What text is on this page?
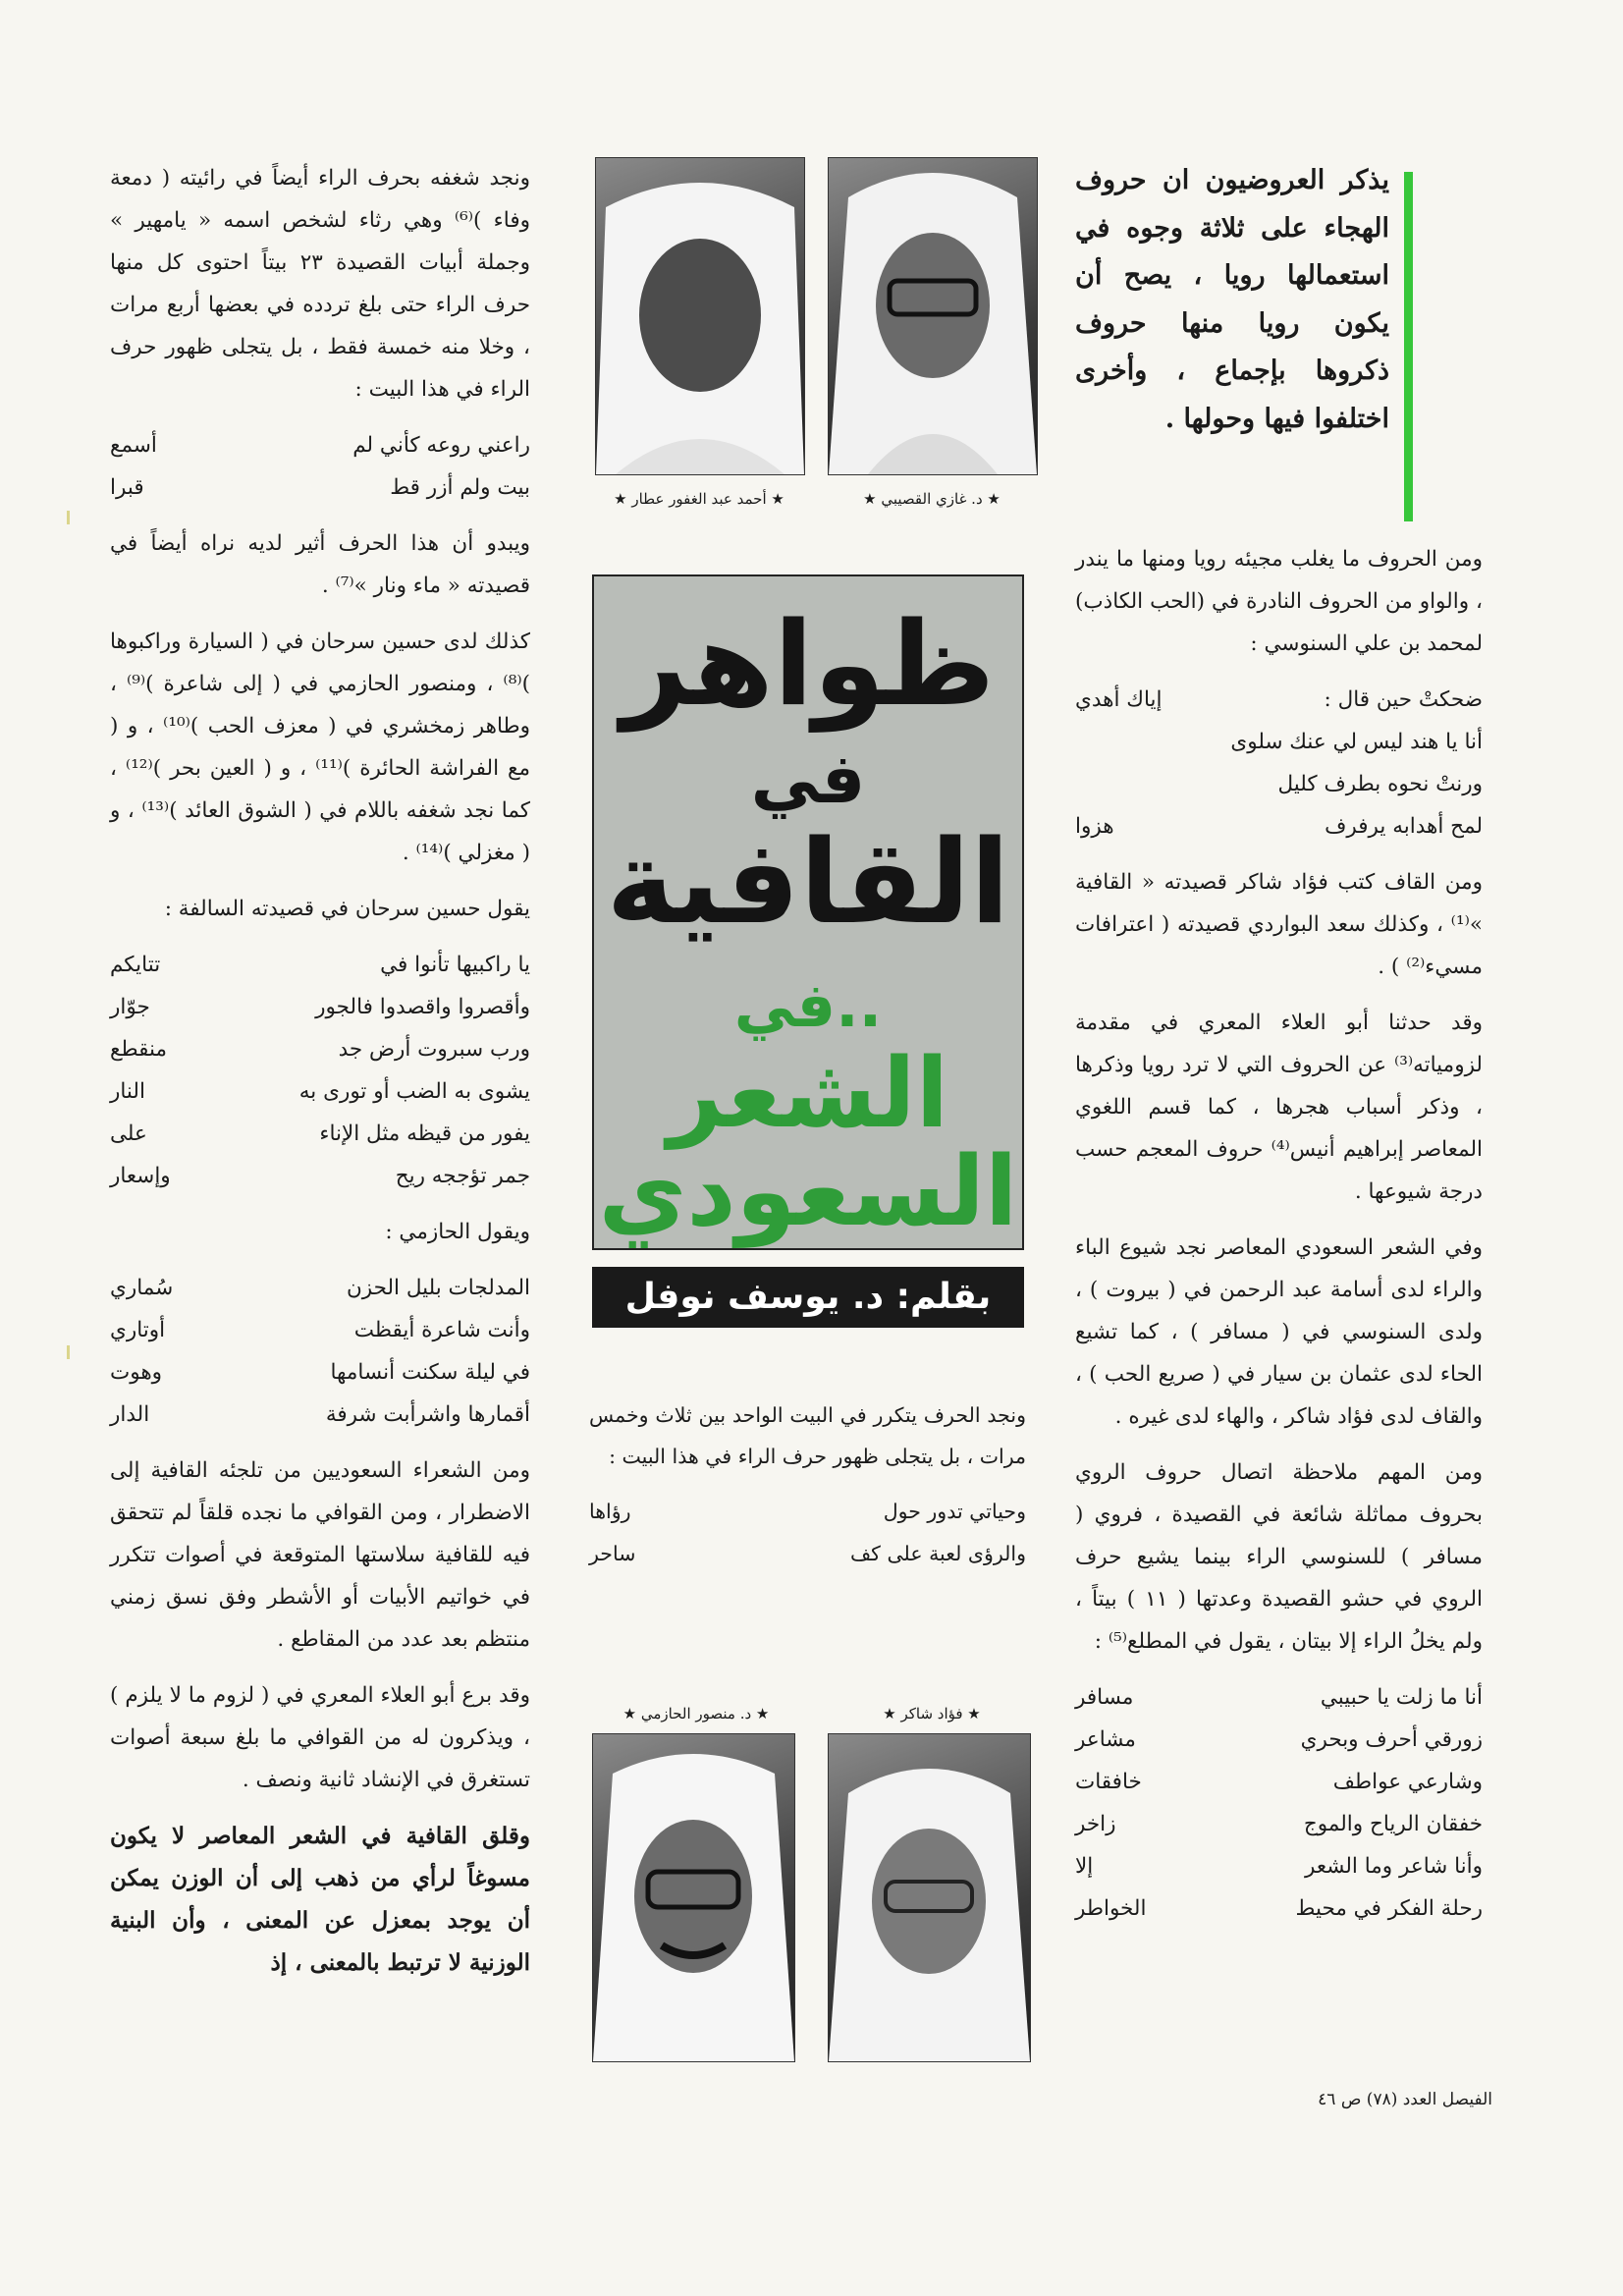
يذكر العروضيون ان حروف الهجاء على ثلاثة وجوه في استعمالها رويا ، يصح أن يكون رويا منها حروف ذكروها بإجماع ، وأخرى اختلفوا فيها وحولها .
★ د. غازي القصيبي ★
★ أحمد عبد الغفور عطار ★
ظواهر
في
القافية
..في
الشعر
السعودي
بقلم: د. يوسف نوفل

ونجد الحرف يتكرر في البيت الواحد بين ثلاث وخمس مرات ، بل يتجلى ظهور حرف الراء في هذا البيت :

وحياتي تدور حول
رؤاها
والرؤى لعبة على كف
ساحر
★ فؤاد شاكر ★
★ د. منصور الحازمي ★

ومن الحروف ما يغلب مجيئه رويا ومنها ما يندر ، والواو من الحروف النادرة في (الحب الكاذب) لمحمد بن علي السنوسي :

ضحكتْ حين قال :
إياك أهدي
أنا يا هند ليس لي عنك سلوى
ورنتْ نحوه بطرف كليل
لمح أهدابه يرفرف
هزوا

ومن القاف كتب فؤاد شاكر قصيدته « القافية »⁽¹⁾ ، وكذلك سعد البواردي قصيدته ( اعترافات مسيء⁽²⁾ ) .

وقد حدثنا أبو العلاء المعري في مقدمة لزومياته⁽³⁾ عن الحروف التي لا ترد رويا وذكرها ، وذكر أسباب هجرها ، كما قسم اللغوي المعاصر إبراهيم أنيس⁽⁴⁾ حروف المعجم حسب درجة شيوعها .

وفي الشعر السعودي المعاصر نجد شيوع الباء والراء لدى أسامة عبد الرحمن في ( بيروت ) ، ولدى السنوسي في ( مسافر ) ، كما تشيع الحاء لدى عثمان بن سيار في ( صريع الحب ) ، والقاف لدى فؤاد شاكر ، والهاء لدى غيره .

ومن المهم ملاحظة اتصال حروف الروي بحروف مماثلة شائعة في القصيدة ، فروي ( مسافر ) للسنوسي الراء بينما يشيع حرف الروي في حشو القصيدة وعدتها ( ١١ ) بيتاً ، ولم يخلُ الراء إلا بيتان ، يقول في المطلع⁽⁵⁾ :

أنا ما زلت يا حبيبي
مسافر
زورقي أحرف وبحري
مشاعر
وشارعي عواطف
خافقات
خفقان الرياح والموج
زاخر
وأنا شاعر وما الشعر
إلا
رحلة الفكر في محيط
الخواطر

ونجد شغفه بحرف الراء أيضاً في رائيته ( دمعة وفاء )⁽⁶⁾ وهي رثاء لشخص اسمه « يامهير » وجملة أبيات القصيدة ٢٣ بيتاً احتوى كل منها حرف الراء حتى بلغ تردده في بعضها أربع مرات ، وخلا منه خمسة فقط ، بل يتجلى ظهور حرف الراء في هذا البيت :

راعني روعه كأني لم
أسمع
بيت ولم أزر قط
قبرا

ويبدو أن هذا الحرف أثير لديه نراه أيضاً في قصيدته « ماء ونار »⁽⁷⁾ .

كذلك لدى حسين سرحان في ( السيارة وراكبوها )⁽⁸⁾ ، ومنصور الحازمي في ( إلى شاعرة )⁽⁹⁾ ، وطاهر زمخشري في ( معزف الحب )⁽¹⁰⁾ ، و ( مع الفراشة الحائرة )⁽¹¹⁾ ، و ( العين بحر )⁽¹²⁾ ، كما نجد شغفه باللام في ( الشوق العائد )⁽¹³⁾ ، و ( مغزلي )⁽¹⁴⁾ .

يقول حسين سرحان في قصيدته السالفة :

يا راكبيها تأنوا في
تتايكم
وأقصروا واقصدوا فالجور
جوّار
ورب سبروت أرض جد
منقطع
يشوى به الضب أو تورى به
النار
يفور من قيظه مثل الإناء
على
جمر تؤججه ريح
وإسعار

ويقول الحازمي :

المدلجات بليل الحزن
سُماري
وأنت شاعرة أيقظت
أوتاري
في ليلة سكنت أنسامها
وهوت
أقمارها واشرأبت شرفة
الدار

ومن الشعراء السعوديين من تلجئه القافية إلى الاضطرار ، ومن القوافي ما نجده قلقاً لم تتحقق فيه للقافية سلاستها المتوقعة في أصوات تتكرر في خواتيم الأبيات أو الأشطر وفق نسق زمني منتظم بعد عدد من المقاطع .

وقد برع أبو العلاء المعري في ( لزوم ما لا يلزم ) ، ويذكرون له من القوافي ما بلغ سبعة أصوات تستغرق في الإنشاد ثانية ونصف .

وقلق القافية في الشعر المعاصر لا يكون مسوغاً لرأي من ذهب إلى أن الوزن يمكن أن يوجد بمعزل عن المعنى ، وأن البنية الوزنية لا ترتبط بالمعنى ، إذ

الفيصل العدد (٧٨) ص ٤٦
